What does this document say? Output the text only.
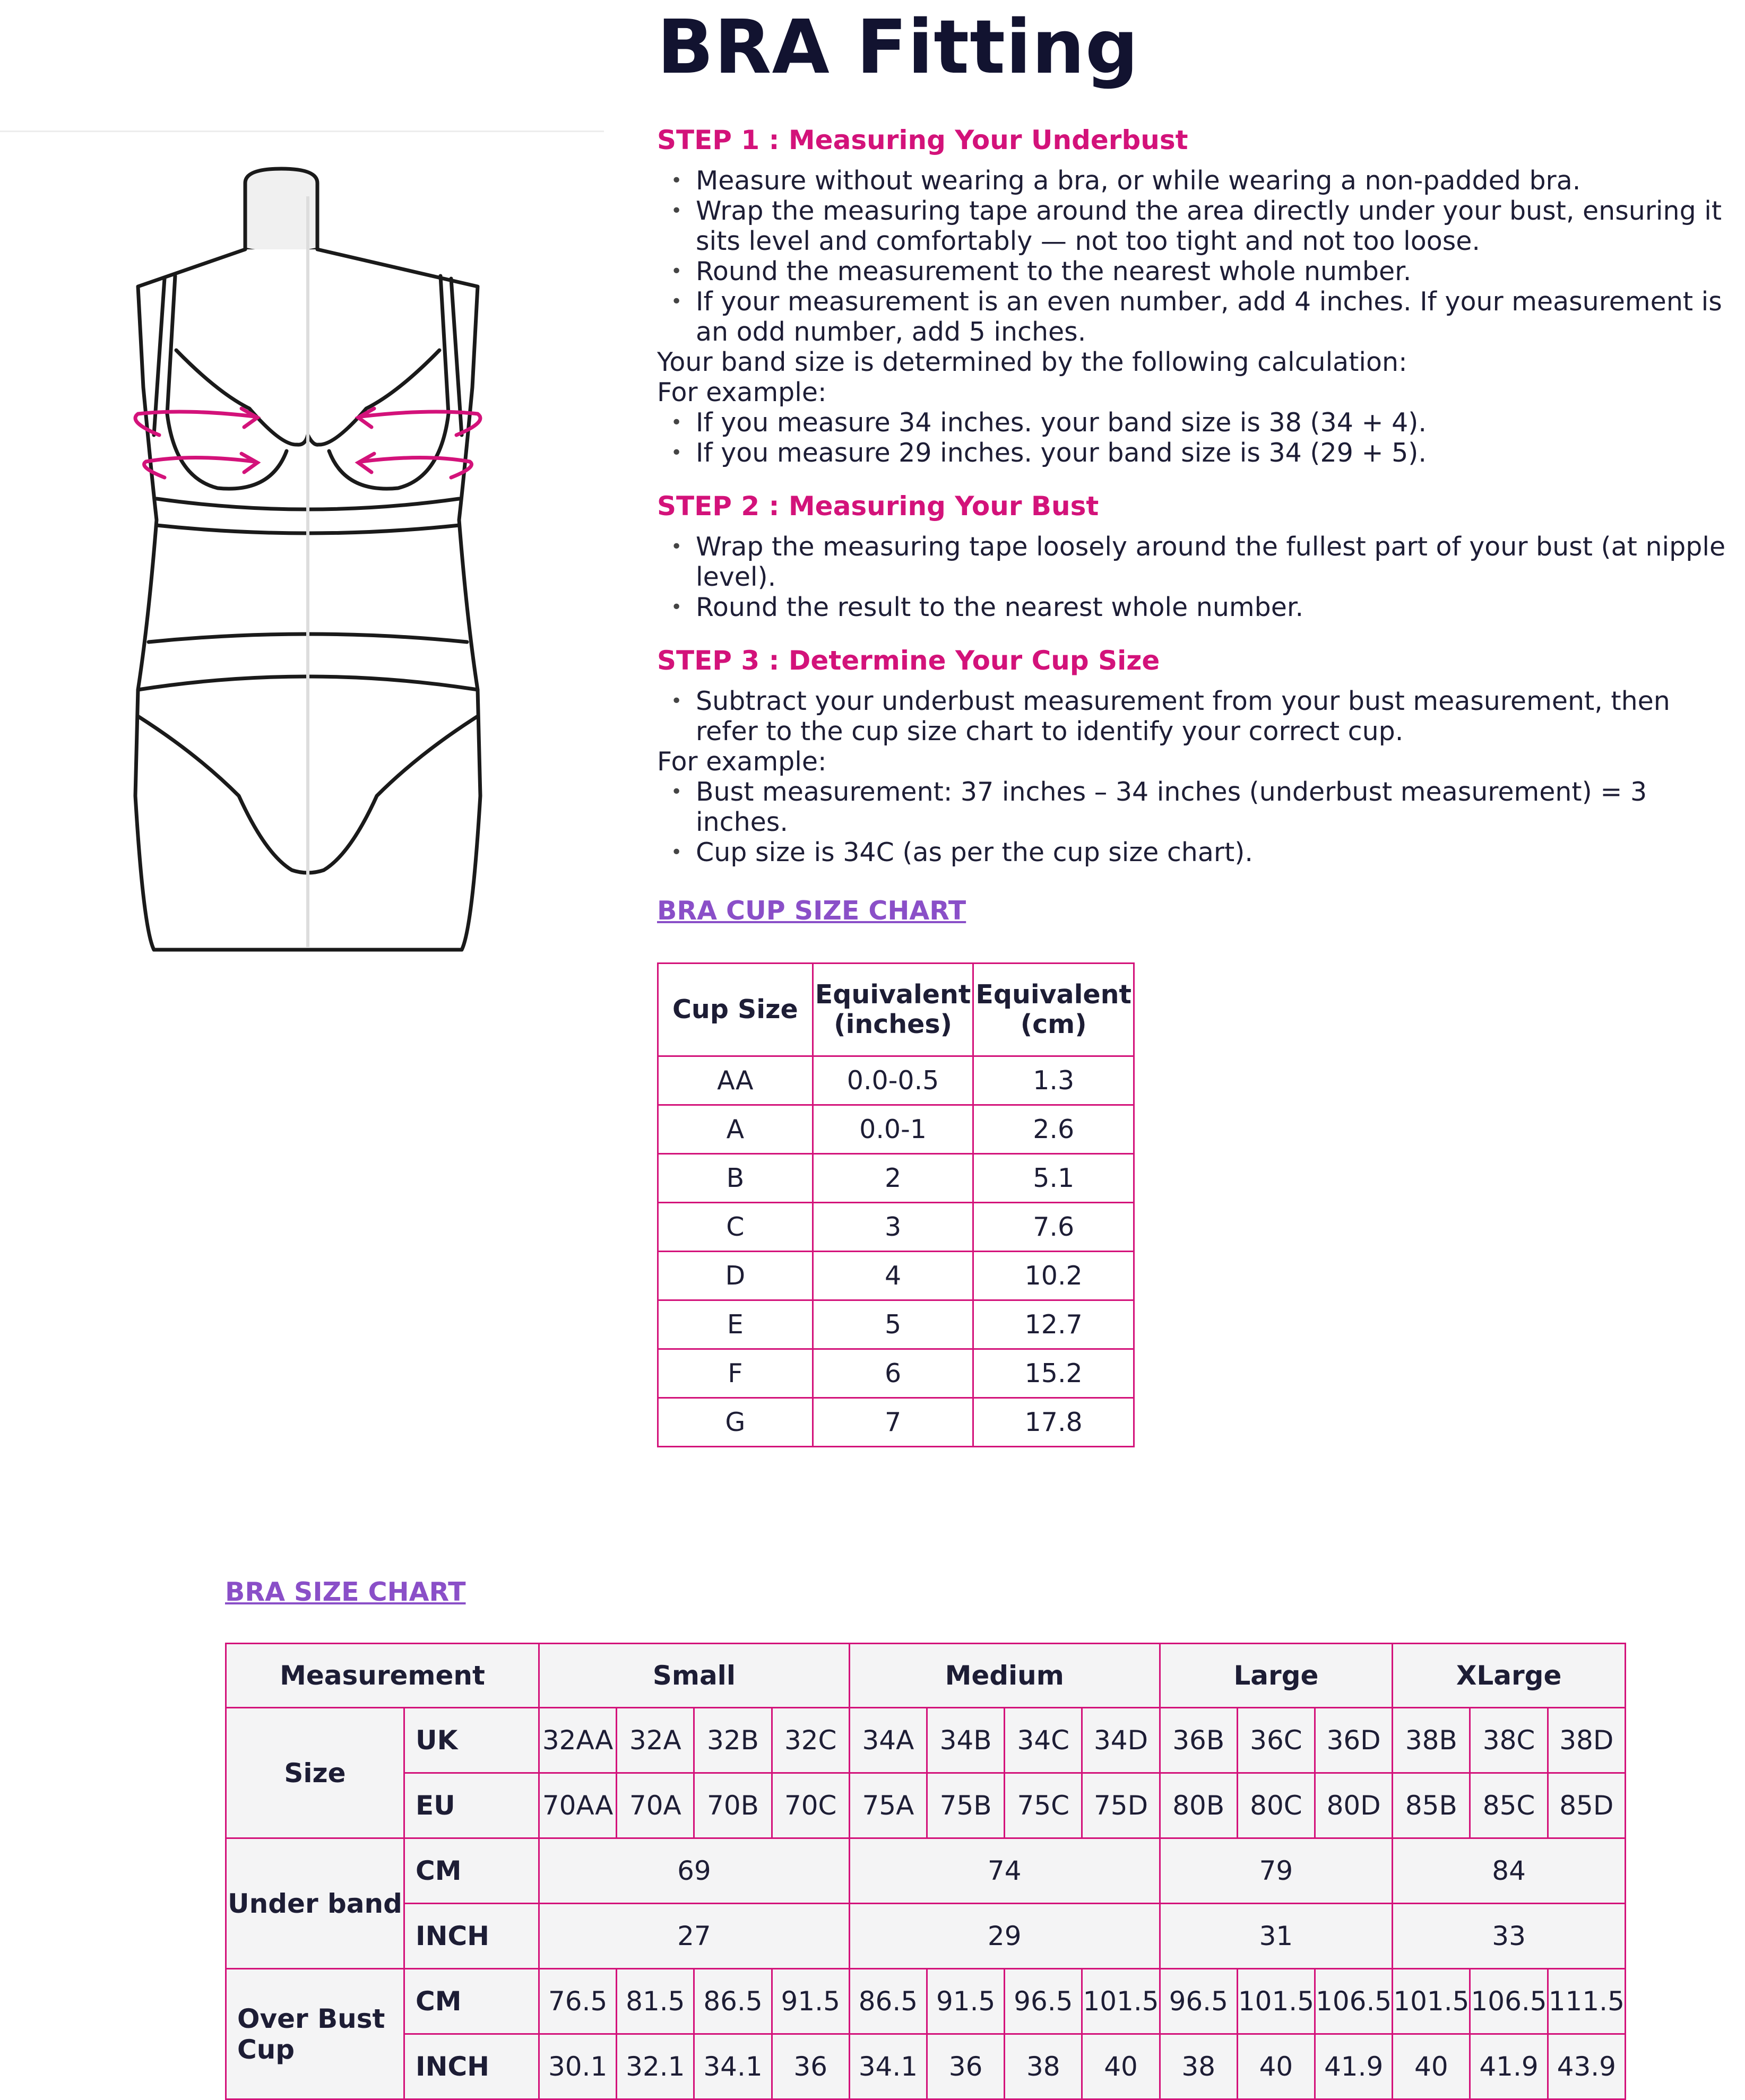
BRA Fitting
STEP 1 : Measuring Your Underbust
• Measure without wearing a bra, or while wearing a non-padded bra.
• Wrap the measuring tape around the area directly under your bust, ensuring it sits level and comfortably — not too tight and not too loose.
• Round the measurement to the nearest whole number.
• If your measurement is an even number, add 4 inches. If your measurement is an odd number, add 5 inches.

Your band size is determined by the following calculation:

For example:

• If you measure 34 inches. your band size is 38 (34 + 4).
• If you measure 29 inches. your band size is 34 (29 + 5).
STEP 2 : Measuring Your Bust
• Wrap the measuring tape loosely around the fullest part of your bust (at nipple level).
• Round the result to the nearest whole number.
STEP 3 : Determine Your Cup Size
• Subtract your underbust measurement from your bust measurement, then refer to the cup size chart to identify your correct cup.

For example:

• Bust measurement: 37 inches – 34 inches (underbust measurement) = 3 inches.
• Cup size is 34C (as per the cup size chart).
BRA CUP SIZE CHART
Cup Size	Equivalent (inches)	Equivalent (cm)
AA	0.0-0.5	1.3
A	0.0-1	2.6
B	2	5.1
C	3	7.6
D	4	10.2
E	5	12.7
F	6	15.2
G	7	17.8
BRA SIZE CHART
Measurement		Small				Medium				Large			XLarge		
Size	UK	32AA	32A	32B	32C	34A	34B	34C	34D	36B	36C	36D	38B	38C	38D
	EU	70AA	70A	70B	70C	75A	75B	75C	75D	80B	80C	80D	85B	85C	85D
Under band	CM	69				74				79			84		
	INCH	27				29				31			33		
Over Bust Cup	CM	76.5	81.5	86.5	91.5	86.5	91.5	96.5	101.5	96.5	101.5	106.5	101.5	106.5	111.5
	INCH	30.1	32.1	34.1	36	34.1	36	38	40	38	40	41.9	40	41.9	43.9
